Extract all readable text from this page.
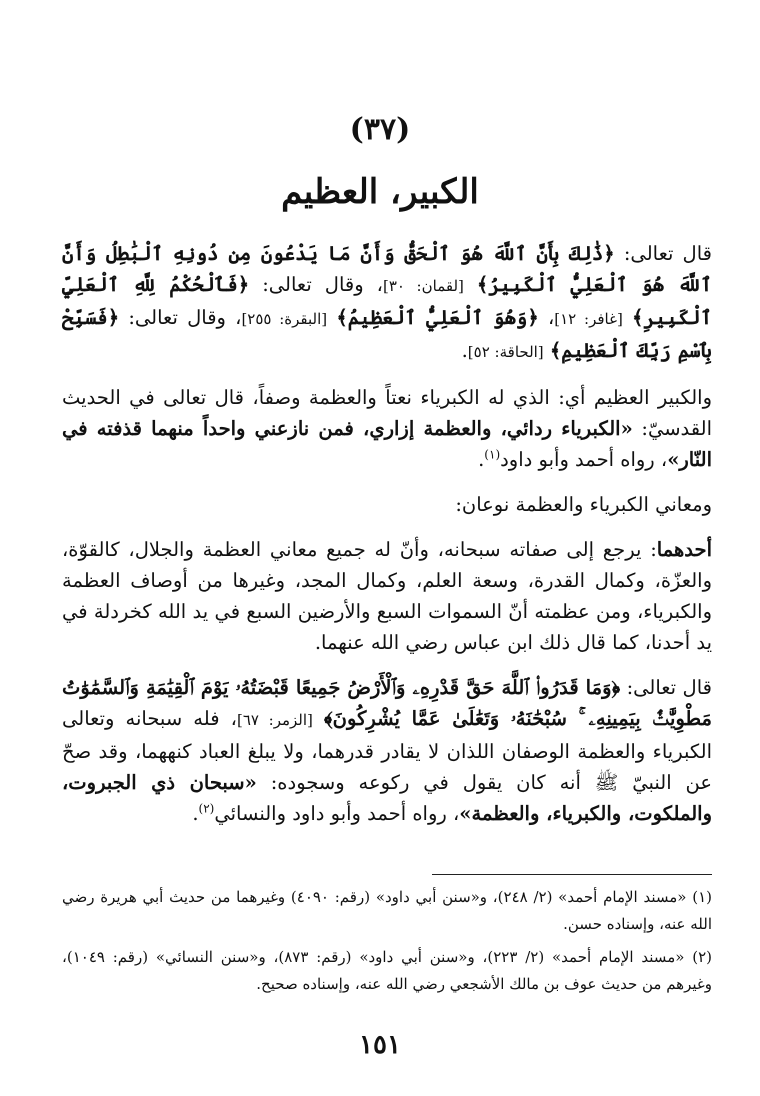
(٣٧)
الكبير، العظيم

قال تعالى: ﴿ذَٰلِكَ بِأَنَّ ٱللَّهَ هُوَ ٱلْحَقُّ وَأَنَّ مَا يَدْعُونَ مِن دُونِهِ ٱلْبَٰطِلُ وَأَنَّ ٱللَّهَ هُوَ ٱلْعَلِيُّ ٱلْكَبِيرُ﴾ [لقمان: ٣٠]، وقال تعالى: ﴿فَٱلْحُكْمُ لِلَّهِ ٱلْعَلِيِّ ٱلْكَبِيرِ﴾ [غافر: ١٢]، ﴿وَهُوَ ٱلْعَلِيُّ ٱلْعَظِيمُ﴾ [البقرة: ٢٥٥]، وقال تعالى: ﴿فَسَبِّحْ بِٱسْمِ رَبِّكَ ٱلْعَظِيمِ﴾ [الحاقة: ٥٢].

والكبير العظيم أي: الذي له الكبرياء نعتاً والعظمة وصفاً، قال تعالى في الحديث القدسيّ: «الكبرياء ردائي، والعظمة إزاري، فمن نازعني واحداً منهما قذفته في النّار»، رواه أحمد وأبو داود$^{(١)}$.

ومعاني الكبرياء والعظمة نوعان:

أحدهما: يرجع إلى صفاته سبحانه، وأنّ له جميع معاني العظمة والجلال، كالقوّة، والعزّة، وكمال القدرة، وسعة العلم، وكمال المجد، وغيرها من أوصاف العظمة والكبرياء، ومن عظمته أنّ السموات السبع والأرضين السبع في يد الله كخردلة في يد أحدنا، كما قال ذلك ابن عباس رضي الله عنهما.

قال تعالى: ﴿وَمَا قَدَرُوا۟ ٱللَّهَ حَقَّ قَدْرِهِۦ وَٱلْأَرْضُ جَمِيعًا قَبْضَتُهُۥ يَوْمَ ٱلْقِيَٰمَةِ وَٱلسَّمَٰوَٰتُ مَطْوِيَّٰتٌۢ بِيَمِينِهِۦ ۚ سُبْحَٰنَهُۥ وَتَعَٰلَىٰ عَمَّا يُشْرِكُونَ﴾ [الزمر: ٦٧]، فله سبحانه وتعالى الكبرياء والعظمة الوصفان اللذان لا يقادر قدرهما، ولا يبلغ العباد كنههما، وقد صحّ عن النبيّ ﷺ أنه كان يقول في ركوعه وسجوده: «سبحان ذي الجبروت، والملكوت، والكبرياء، والعظمة»، رواه أحمد وأبو داود والنسائي$^{(٢)}$.

(١) «مسند الإمام أحمد» (٢/ ٢٤٨)، و«سنن أبي داود» (رقم: ٤٠٩٠) وغيرهما من حديث أبي هريرة رضي الله عنه، وإسناده حسن.

(٢) «مسند الإمام أحمد» (٢/ ٢٢٣)، و«سنن أبي داود» (رقم: ٨٧٣)، و«سنن النسائي» (رقم: ١٠٤٩)، وغيرهم من حديث عوف بن مالك الأشجعي رضي الله عنه، وإسناده صحيح.

١٥١
